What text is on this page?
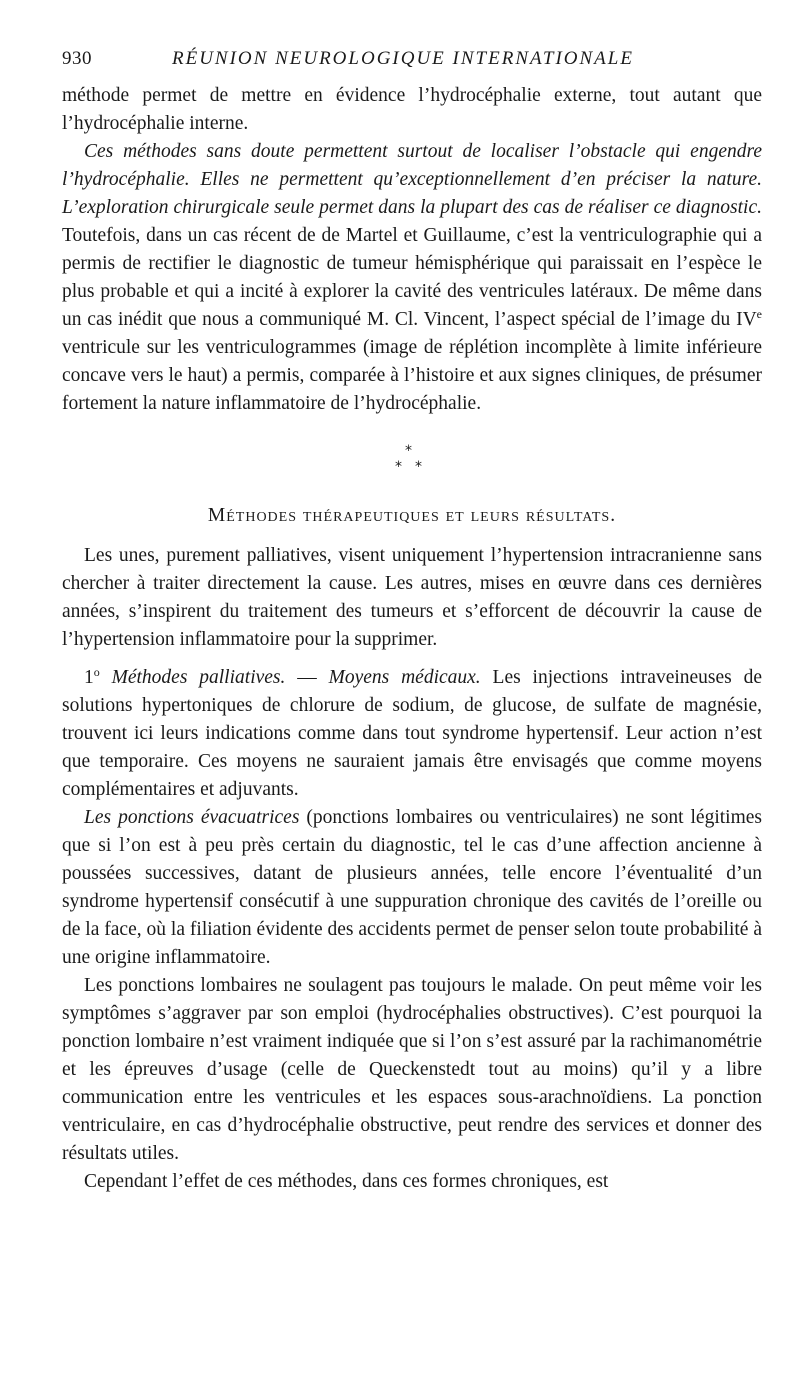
930	RÉUNION NEUROLOGIQUE INTERNATIONALE

méthode permet de mettre en évidence l’hydrocéphalie externe, tout autant que l’hydrocéphalie interne.

Ces méthodes sans doute permettent surtout de localiser l’obstacle qui engendre l’hydrocéphalie. Elles ne permettent qu’exceptionnellement d’en préciser la nature. L’exploration chirurgicale seule permet dans la plupart des cas de réaliser ce diagnostic. Toutefois, dans un cas récent de de Martel et Guillaume, c’est la ventriculographie qui a permis de rectifier le diagnostic de tumeur hémisphérique qui paraissait en l’espèce le plus probable et qui a incité à explorer la cavité des ventricules latéraux. De même dans un cas inédit que nous a communiqué M. Cl. Vincent, l’aspect spécial de l’image du IVe ventricule sur les ventriculogrammes (image de réplétion incomplète à limite inférieure concave vers le haut) a permis, comparée à l’histoire et aux signes cliniques, de présumer fortement la nature inflammatoire de l’hydrocéphalie.

*
* *
Méthodes thérapeutiques et leurs résultats.

Les unes, purement palliatives, visent uniquement l’hypertension intracranienne sans chercher à traiter directement la cause. Les autres, mises en œuvre dans ces dernières années, s’inspirent du traitement des tumeurs et s’efforcent de découvrir la cause de l’hypertension inflammatoire pour la supprimer.

1$^o$ Méthodes palliatives. — Moyens médicaux. Les injections intraveineuses de solutions hypertoniques de chlorure de sodium, de glucose, de sulfate de magnésie, trouvent ici leurs indications comme dans tout syndrome hypertensif. Leur action n’est que temporaire. Ces moyens ne sauraient jamais être envisagés que comme moyens complémentaires et adjuvants.

Les ponctions évacuatrices (ponctions lombaires ou ventriculaires) ne sont légitimes que si l’on est à peu près certain du diagnostic, tel le cas d’une affection ancienne à poussées successives, datant de plusieurs années, telle encore l’éventualité d’un syndrome hypertensif consécutif à une suppuration chronique des cavités de l’oreille ou de la face, où la filiation évidente des accidents permet de penser selon toute probabilité à une origine inflammatoire.

Les ponctions lombaires ne soulagent pas toujours le malade. On peut même voir les symptômes s’aggraver par son emploi (hydrocéphalies obstructives). C’est pourquoi la ponction lombaire n’est vraiment indiquée que si l’on s’est assuré par la rachimanométrie et les épreuves d’usage (celle de Queckenstedt tout au moins) qu’il y a libre communication entre les ventricules et les espaces sous-arachnoïdiens. La ponction ventriculaire, en cas d’hydrocéphalie obstructive, peut rendre des services et donner des résultats utiles.

Cependant l’effet de ces méthodes, dans ces formes chroniques, est
